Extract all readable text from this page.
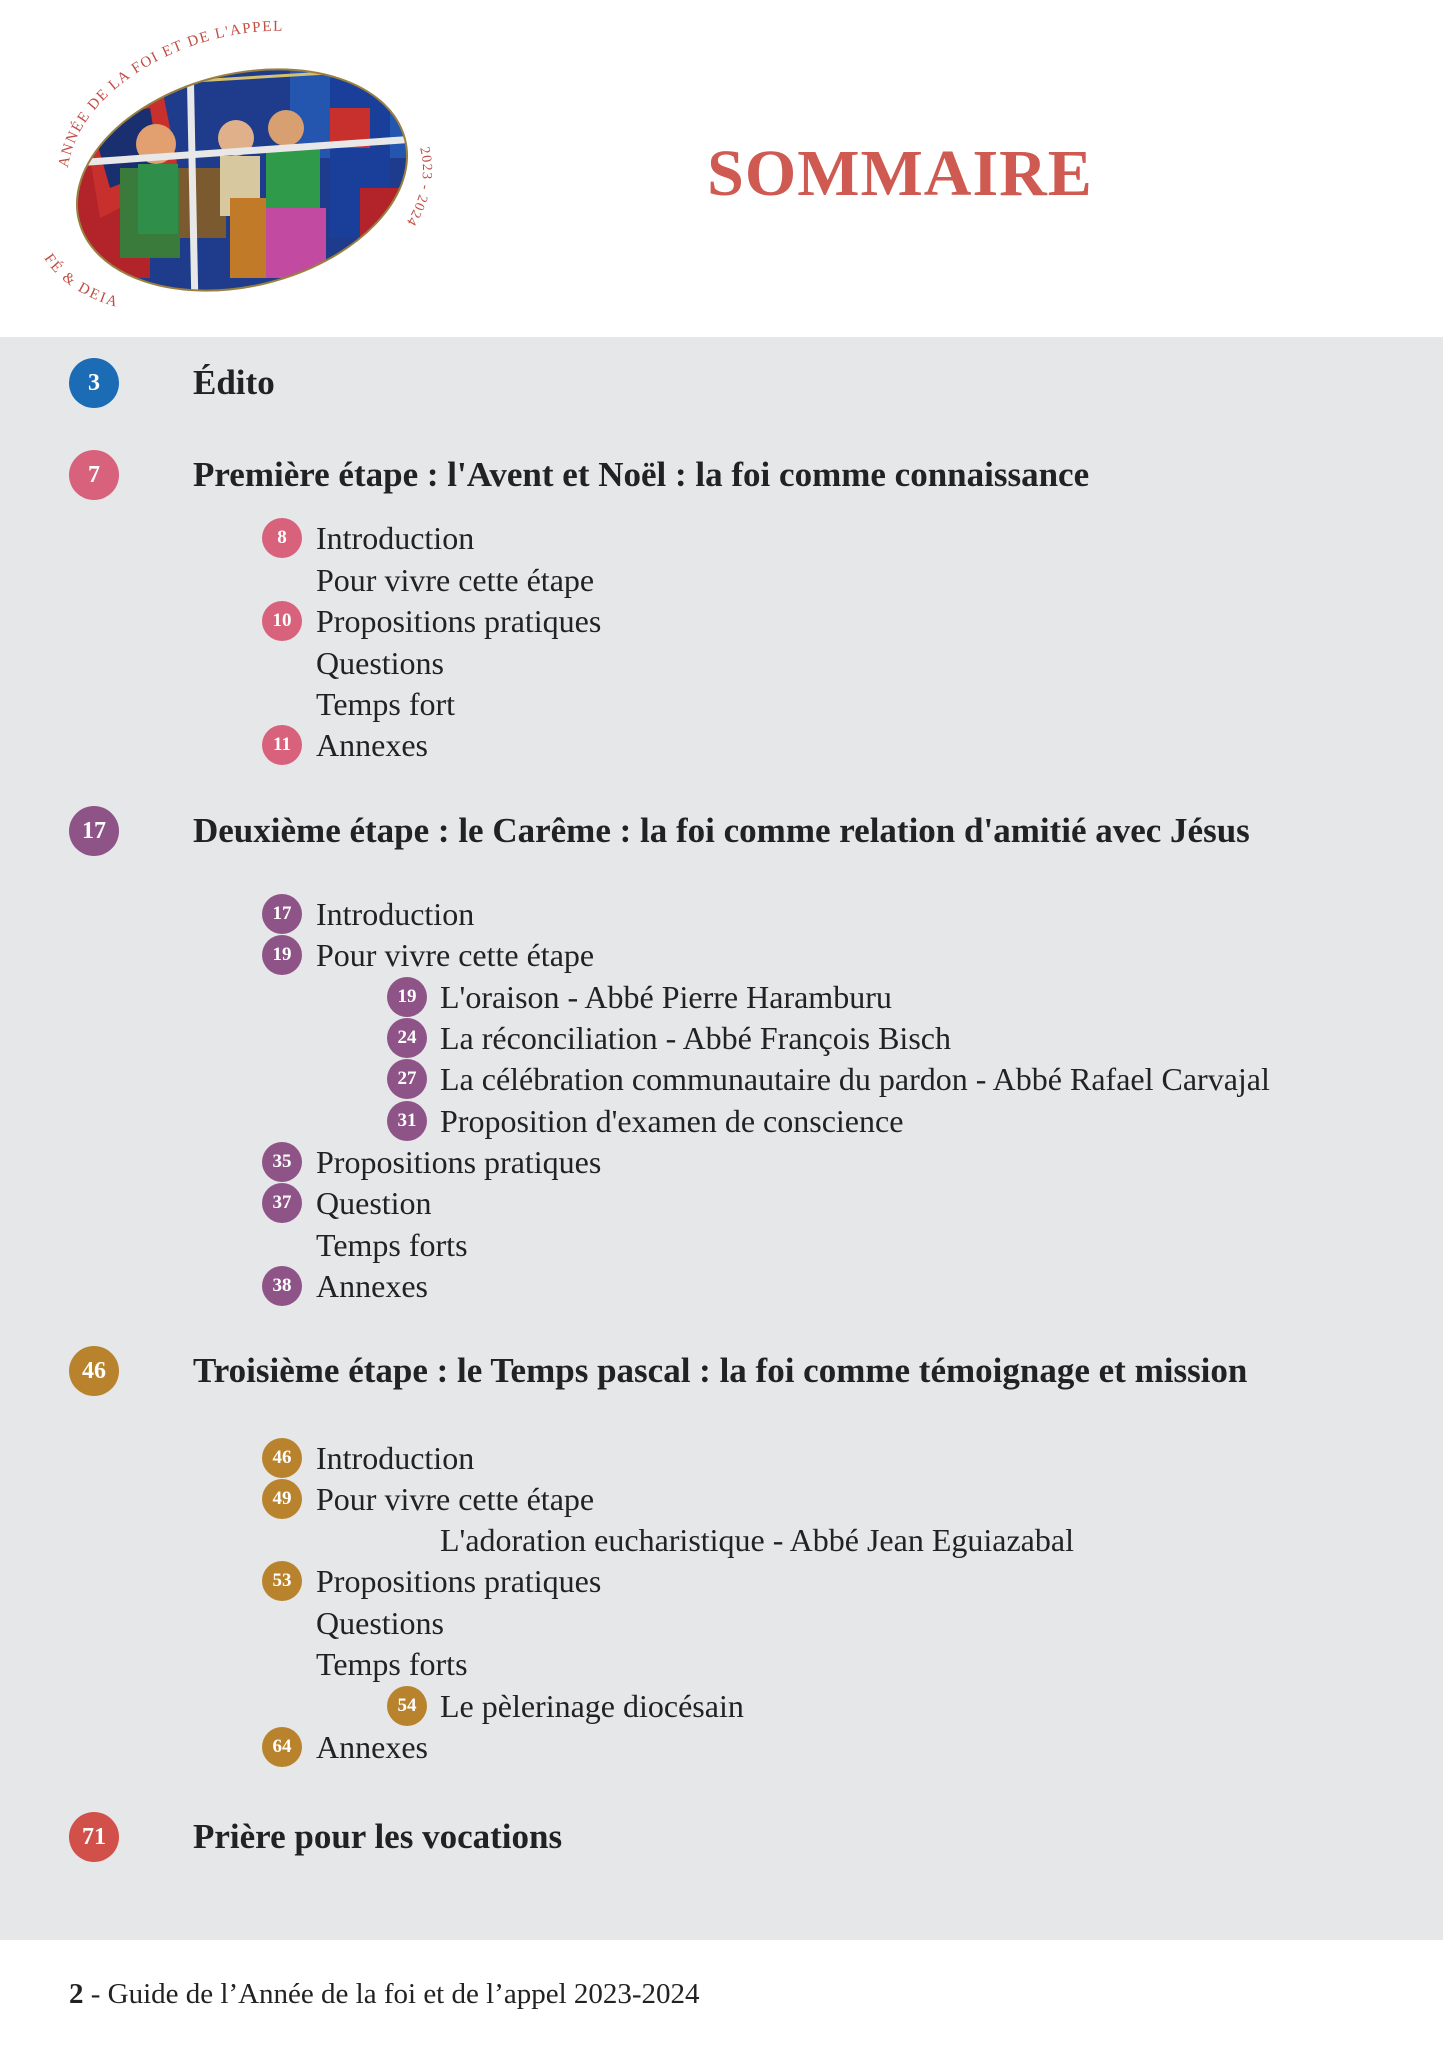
ANNÉE DE LA FOI ET DE L'APPEL
2023 - 2024
FÉ & DEIA
SOMMAIRE
3	Édito
7	Première étape : l'Avent et Noël : la foi comme connaissance
8 Introduction
Pour vivre cette étape
10 Propositions pratiques
Questions
Temps fort
11 Annexes
17	Deuxième étape : le Carême : la foi comme relation d'amitié avec Jésus
17 Introduction
19 Pour vivre cette étape
19 L'oraison - Abbé Pierre Haramburu
24 La réconciliation - Abbé François Bisch
27 La célébration communautaire du pardon - Abbé Rafael Carvajal
31 Proposition d'examen de conscience
35 Propositions pratiques
37 Question
Temps forts
38 Annexes
46	Troisième étape : le Temps pascal : la foi comme témoignage et mission
46 Introduction
49 Pour vivre cette étape
L'adoration eucharistique - Abbé Jean Eguiazabal
53 Propositions pratiques
Questions
Temps forts
54 Le pèlerinage diocésain
64 Annexes
71	Prière pour les vocations
2 - Guide de l’Année de la foi et de l’appel 2023-2024
